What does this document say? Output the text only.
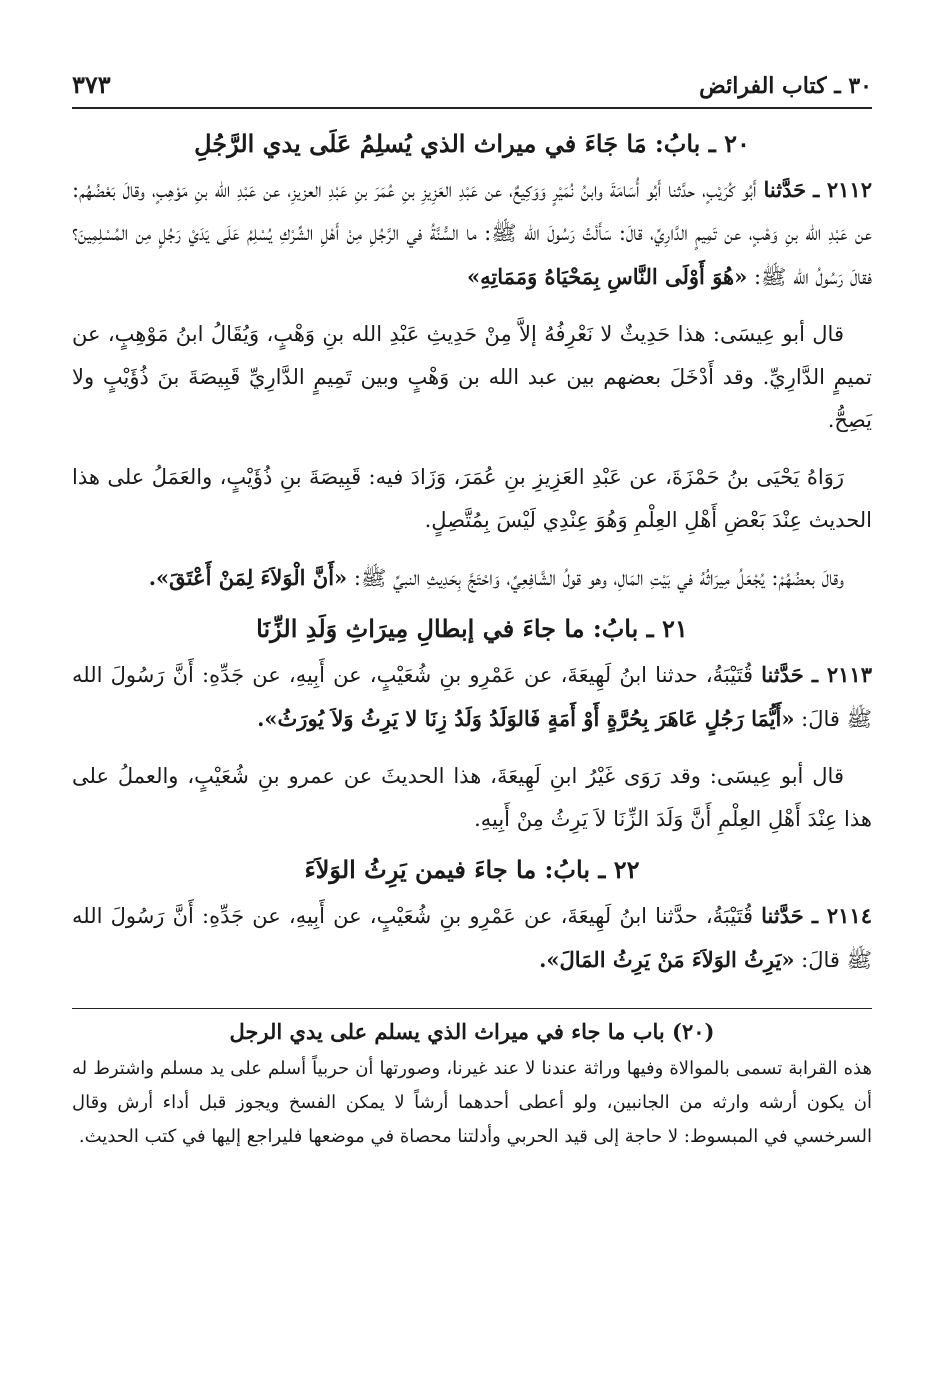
٣٠ ـ كتاب الفرائض
٣٧٣
٢٠ ـ بابُ: مَا جَاءَ في ميراث الذي يُسلِمُ عَلَى يدي الرَّجُلِ

٢١١٢ ـ حَدَّثنا أَبُو كُرَيْبٍ، حدَّثنا أَبُو أُسَامَةَ وابنُ نُمَيْرٍ وَوَكِيعٌ، عن عَبْدِ العَزِيزِ بنِ عُمَرَ بنِ عَبْدِ العزيزِ، عن عَبْدِ الله بنِ مَوْهِبٍ، وقالَ بَعْضُهُم: عن عَبْدِ الله بنِ وَهْبٍ، عن تَمِيمٍ الدَّارِيِّ، قالَ: سَأَلْتُ رَسُولَ الله ﷺ: ما السُّنَّةُ في الرَّجُلِ مِنْ أَهْلِ الشِّرْكِ يُسْلِمُ عَلَى يَدَيْ رَجُلٍ مِن المُسْلِمِينَ؟ فقالَ رَسُولُ الله ﷺ: «هُوَ أَوْلَى النَّاسِ بِمَحْيَاهُ وَمَمَاتِهِ»

قال أبو عِيسَى: هذا حَدِيثٌ لا نَعْرِفُهُ إلاَّ مِنْ حَدِيثِ عَبْدِ الله بنِ وَهْبٍ، وَيُقَالُ ابنُ مَوْهِبٍ، عن تميمٍ الدَّارِيِّ. وقد أَدْخَلَ بعضهم بين عبد الله بن وَهْبٍ وبين تَمِيمٍ الدَّارِيِّ قَبِيصَةَ بنَ ذُؤَيْبٍ ولا يَصِحُّ.

رَوَاهُ يَحْيَى بنُ حَمْزَةَ، عن عَبْدِ العَزِيزِ بنِ عُمَرَ، وَزَادَ فيه: قَبِيصَةَ بنِ ذُؤَيْبٍ، والعَمَلُ على هذا الحديث عِنْدَ بَعْضِ أَهْلِ العِلْمِ وَهُوَ عِنْدِي لَيْسَ بِمُتَّصِلٍ.

وقالَ بعضُهُمْ: يُجْعَلُ مِيرَاثُهُ في بَيْتِ المَالِ، وهو قولُ الشَّافِعِيِّ، وَاحْتَجَّ بِحَدِيثِ النبيِّ ﷺ: «أَنَّ الْوَلاَءَ لِمَنْ أَعْتَقَ».

٢١ ـ بابُ: ما جاءَ في إبطالِ مِيرَاثِ وَلَدِ الزِّنَا

٢١١٣ ـ حَدَّثنا قُتَيْبَةُ، حدثنا ابنُ لَهِيعَةَ، عن عَمْرِو بنِ شُعَيْبٍ، عن أَبِيهِ، عن جَدِّهِ: أَنَّ رَسُولَ الله ﷺ قالَ: «أَيُّمَا رَجُلٍ عَاهَرَ بِحُرَّةٍ أَوْ أَمَةٍ فَالوَلَدُ وَلَدُ زِنَا لا يَرِثُ وَلاَ يُورَثُ».

قال أبو عِيسَى: وقد رَوَى غَيْرُ ابنِ لَهِيعَةَ، هذا الحديثَ عن عمرو بنِ شُعَيْبٍ، والعملُ على هذا عِنْدَ أَهْلِ العِلْمِ أَنَّ وَلَدَ الزِّنَا لاَ يَرِثُ مِنْ أَبِيهِ.

٢٢ ـ بابُ: ما جاءَ فيمن يَرِثُ الوَلاَءَ

٢١١٤ ـ حَدَّثنا قُتَيْبَةُ، حدَّثنا ابنُ لَهِيعَةَ، عن عَمْرِو بنِ شُعَيْبٍ، عن أَبِيهِ، عن جَدِّهِ: أَنَّ رَسُولَ الله ﷺ قالَ: «يَرِثُ الوَلاَءَ مَنْ يَرِثُ المَالَ».

(٢٠) باب ما جاء في ميراث الذي يسلم على يدي الرجل

هذه القرابة تسمى بالموالاة وفيها وراثة عندنا لا عند غيرنا، وصورتها أن حربياً أسلم على يد مسلم واشترط له أن يكون أرشه وارثه من الجانبين، ولو أعطى أحدهما أرشاً لا يمكن الفسخ ويجوز قبل أداء أرش وقال السرخسي في المبسوط: لا حاجة إلى قيد الحربي وأدلتنا محصاة في موضعها فليراجع إليها في كتب الحديث.
